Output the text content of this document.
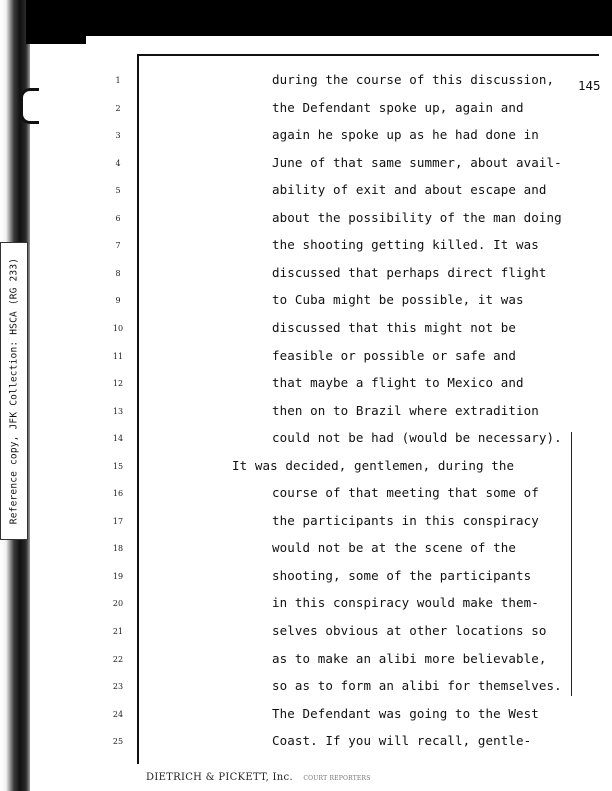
Reference copy, JFK Collection: HSCA (RG 233)
145
1	during the course of this discussion,
2	the Defendant spoke up, again and
3	again he spoke up as he had done in
4	June of that same summer, about avail-
5	ability of exit and about escape and
6	about the possibility of the man doing
7	the shooting getting killed. It was
8	discussed that perhaps direct flight
9	to Cuba might be possible, it was
10	discussed that this might not be
11	feasible or possible or safe and
12	that maybe a flight to Mexico and
13	then on to Brazil where extradition
14	could not be had (would be necessary).
15	It was decided, gentlemen, during the
16	course of that meeting that some of
17	the participants in this conspiracy
18	would not be at the scene of the
19	shooting, some of the participants
20	in this conspiracy would make them-
21	selves obvious at other locations so
22	as to make an alibi more believable,
23	so as to form an alibi for themselves.
24	The Defendant was going to the West
25	Coast. If you will recall, gentle-
DIETRICH & PICKETT, Inc. COURT REPORTERS
